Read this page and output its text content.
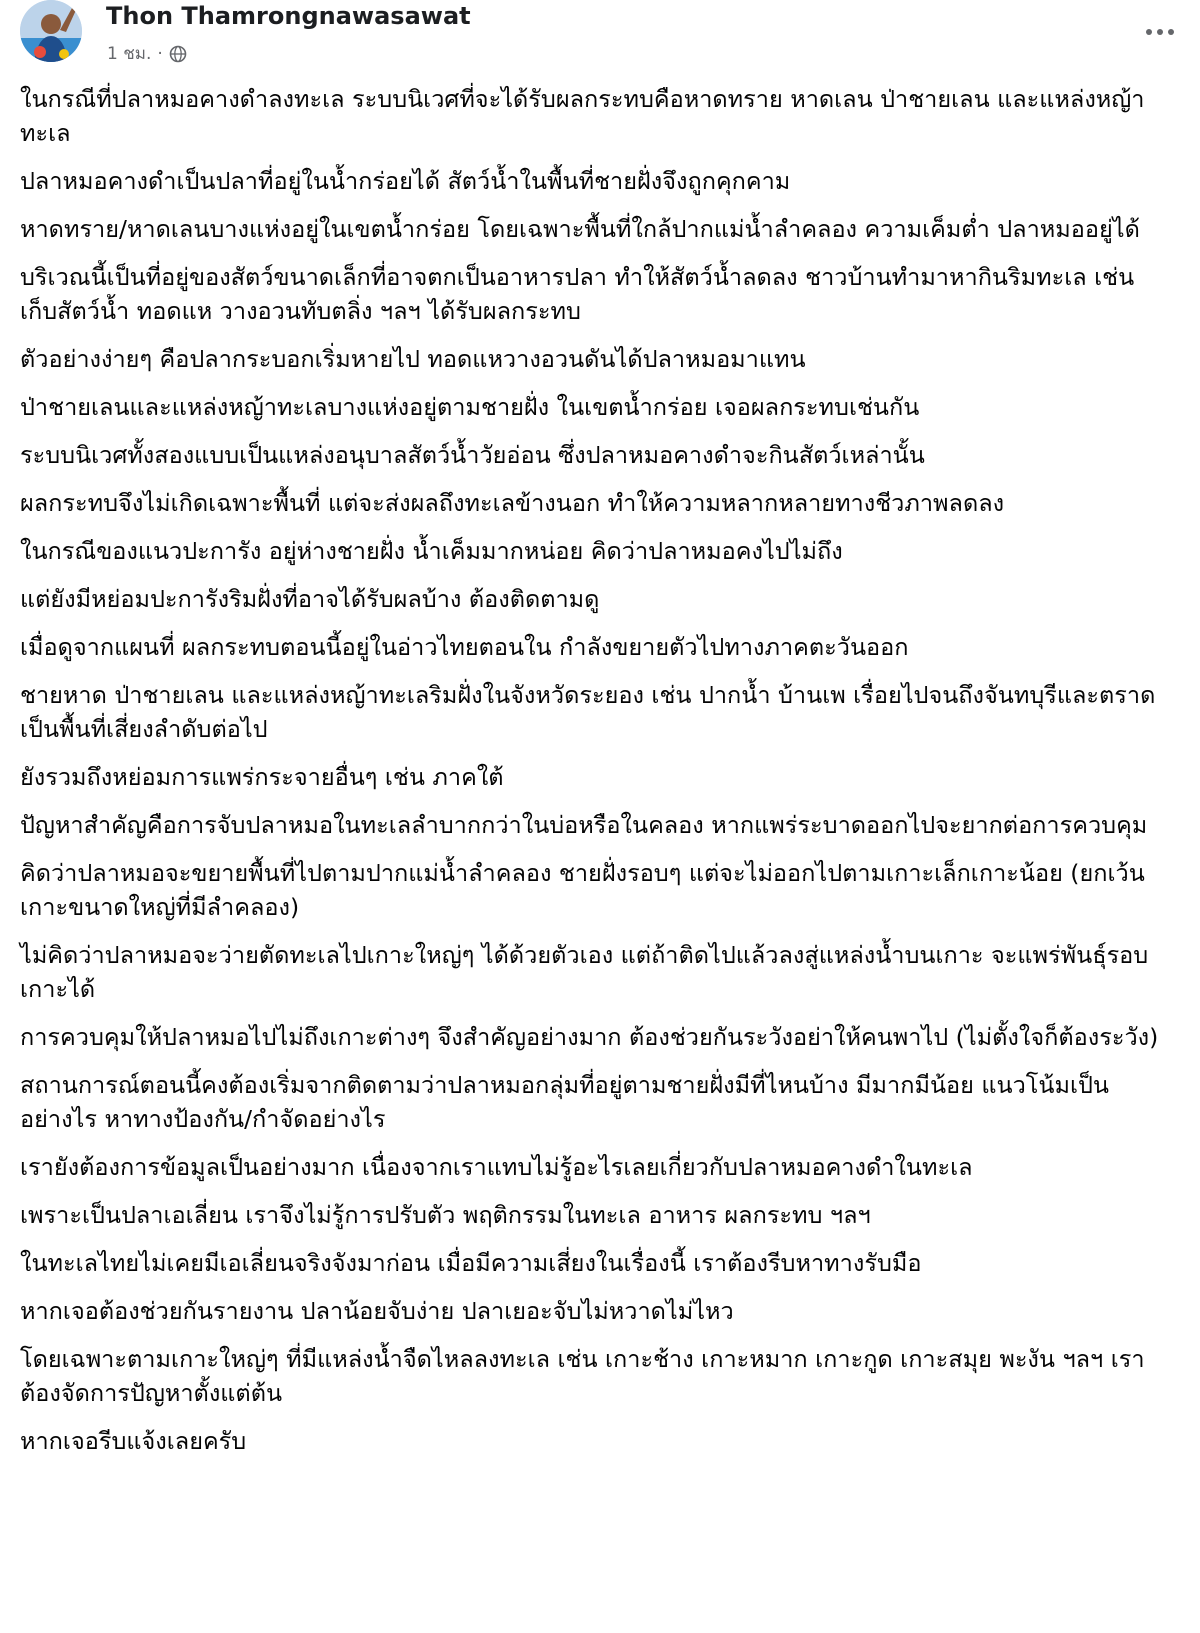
Thon Thamrongnawasawat
1 ชม. ·

ในกรณีที่ปลาหมอคางดำลงทะเล ระบบนิเวศที่จะได้รับผลกระทบคือหาดทราย หาดเลน ป่าชายเลน และแหล่งหญ้าทะเล

ปลาหมอคางดำเป็นปลาที่อยู่ในน้ำกร่อยได้ สัตว์น้ำในพื้นที่ชายฝั่งจึงถูกคุกคาม

หาดทราย/หาดเลนบางแห่งอยู่ในเขตน้ำกร่อย โดยเฉพาะพื้นที่ใกล้ปากแม่น้ำลำคลอง ความเค็มต่ำ ปลาหมออยู่ได้

บริเวณนี้เป็นที่อยู่ของสัตว์ขนาดเล็กที่อาจตกเป็นอาหารปลา ทำให้สัตว์น้ำลดลง ชาวบ้านทำมาหากินริมทะเล เช่น เก็บสัตว์น้ำ ทอดแห วางอวนทับตลิ่ง ฯลฯ ได้รับผลกระทบ

ตัวอย่างง่ายๆ คือปลากระบอกเริ่มหายไป ทอดแหวางอวนดันได้ปลาหมอมาแทน

ป่าชายเลนและแหล่งหญ้าทะเลบางแห่งอยู่ตามชายฝั่ง ในเขตน้ำกร่อย เจอผลกระทบเช่นกัน

ระบบนิเวศทั้งสองแบบเป็นแหล่งอนุบาลสัตว์น้ำวัยอ่อน ซึ่งปลาหมอคางดำจะกินสัตว์เหล่านั้น

ผลกระทบจึงไม่เกิดเฉพาะพื้นที่ แต่จะส่งผลถึงทะเลข้างนอก ทำให้ความหลากหลายทางชีวภาพลดลง

ในกรณีของแนวปะการัง อยู่ห่างชายฝั่ง น้ำเค็มมากหน่อย คิดว่าปลาหมอคงไปไม่ถึง

แต่ยังมีหย่อมปะการังริมฝั่งที่อาจได้รับผลบ้าง ต้องติดตามดู

เมื่อดูจากแผนที่ ผลกระทบตอนนี้อยู่ในอ่าวไทยตอนใน กำลังขยายตัวไปทางภาคตะวันออก

ชายหาด ป่าชายเลน และแหล่งหญ้าทะเลริมฝั่งในจังหวัดระยอง เช่น ปากน้ำ บ้านเพ เรื่อยไปจนถึงจันทบุรีและตราด เป็นพื้นที่เสี่ยงลำดับต่อไป

ยังรวมถึงหย่อมการแพร่กระจายอื่นๆ เช่น ภาคใต้

ปัญหาสำคัญคือการจับปลาหมอในทะเลลำบากกว่าในบ่อหรือในคลอง หากแพร่ระบาดออกไปจะยากต่อการควบคุม

คิดว่าปลาหมอจะขยายพื้นที่ไปตามปากแม่น้ำลำคลอง ชายฝั่งรอบๆ แต่จะไม่ออกไปตามเกาะเล็กเกาะน้อย (ยกเว้นเกาะขนาดใหญ่ที่มีลำคลอง)

ไม่คิดว่าปลาหมอจะว่ายตัดทะเลไปเกาะใหญ่ๆ ได้ด้วยตัวเอง แต่ถ้าติดไปแล้วลงสู่แหล่งน้ำบนเกาะ จะแพร่พันธุ์รอบเกาะได้

การควบคุมให้ปลาหมอไปไม่ถึงเกาะต่างๆ จึงสำคัญอย่างมาก ต้องช่วยกันระวังอย่าให้คนพาไป (ไม่ตั้งใจก็ต้องระวัง)

สถานการณ์ตอนนี้คงต้องเริ่มจากติดตามว่าปลาหมอกลุ่มที่อยู่ตามชายฝั่งมีที่ไหนบ้าง มีมากมีน้อย แนวโน้มเป็นอย่างไร หาทางป้องกัน/กำจัดอย่างไร

เรายังต้องการข้อมูลเป็นอย่างมาก เนื่องจากเราแทบไม่รู้อะไรเลยเกี่ยวกับปลาหมอคางดำในทะเล

เพราะเป็นปลาเอเลี่ยน เราจึงไม่รู้การปรับตัว พฤติกรรมในทะเล อาหาร ผลกระทบ ฯลฯ

ในทะเลไทยไม่เคยมีเอเลี่ยนจริงจังมาก่อน เมื่อมีความเสี่ยงในเรื่องนี้ เราต้องรีบหาทางรับมือ

หากเจอต้องช่วยกันรายงาน ปลาน้อยจับง่าย ปลาเยอะจับไม่หวาดไม่ไหว

โดยเฉพาะตามเกาะใหญ่ๆ ที่มีแหล่งน้ำจืดไหลลงทะเล เช่น เกาะช้าง เกาะหมาก เกาะกูด เกาะสมุย พะงัน ฯลฯ เราต้องจัดการปัญหาตั้งแต่ต้น

หากเจอรีบแจ้งเลยครับ
